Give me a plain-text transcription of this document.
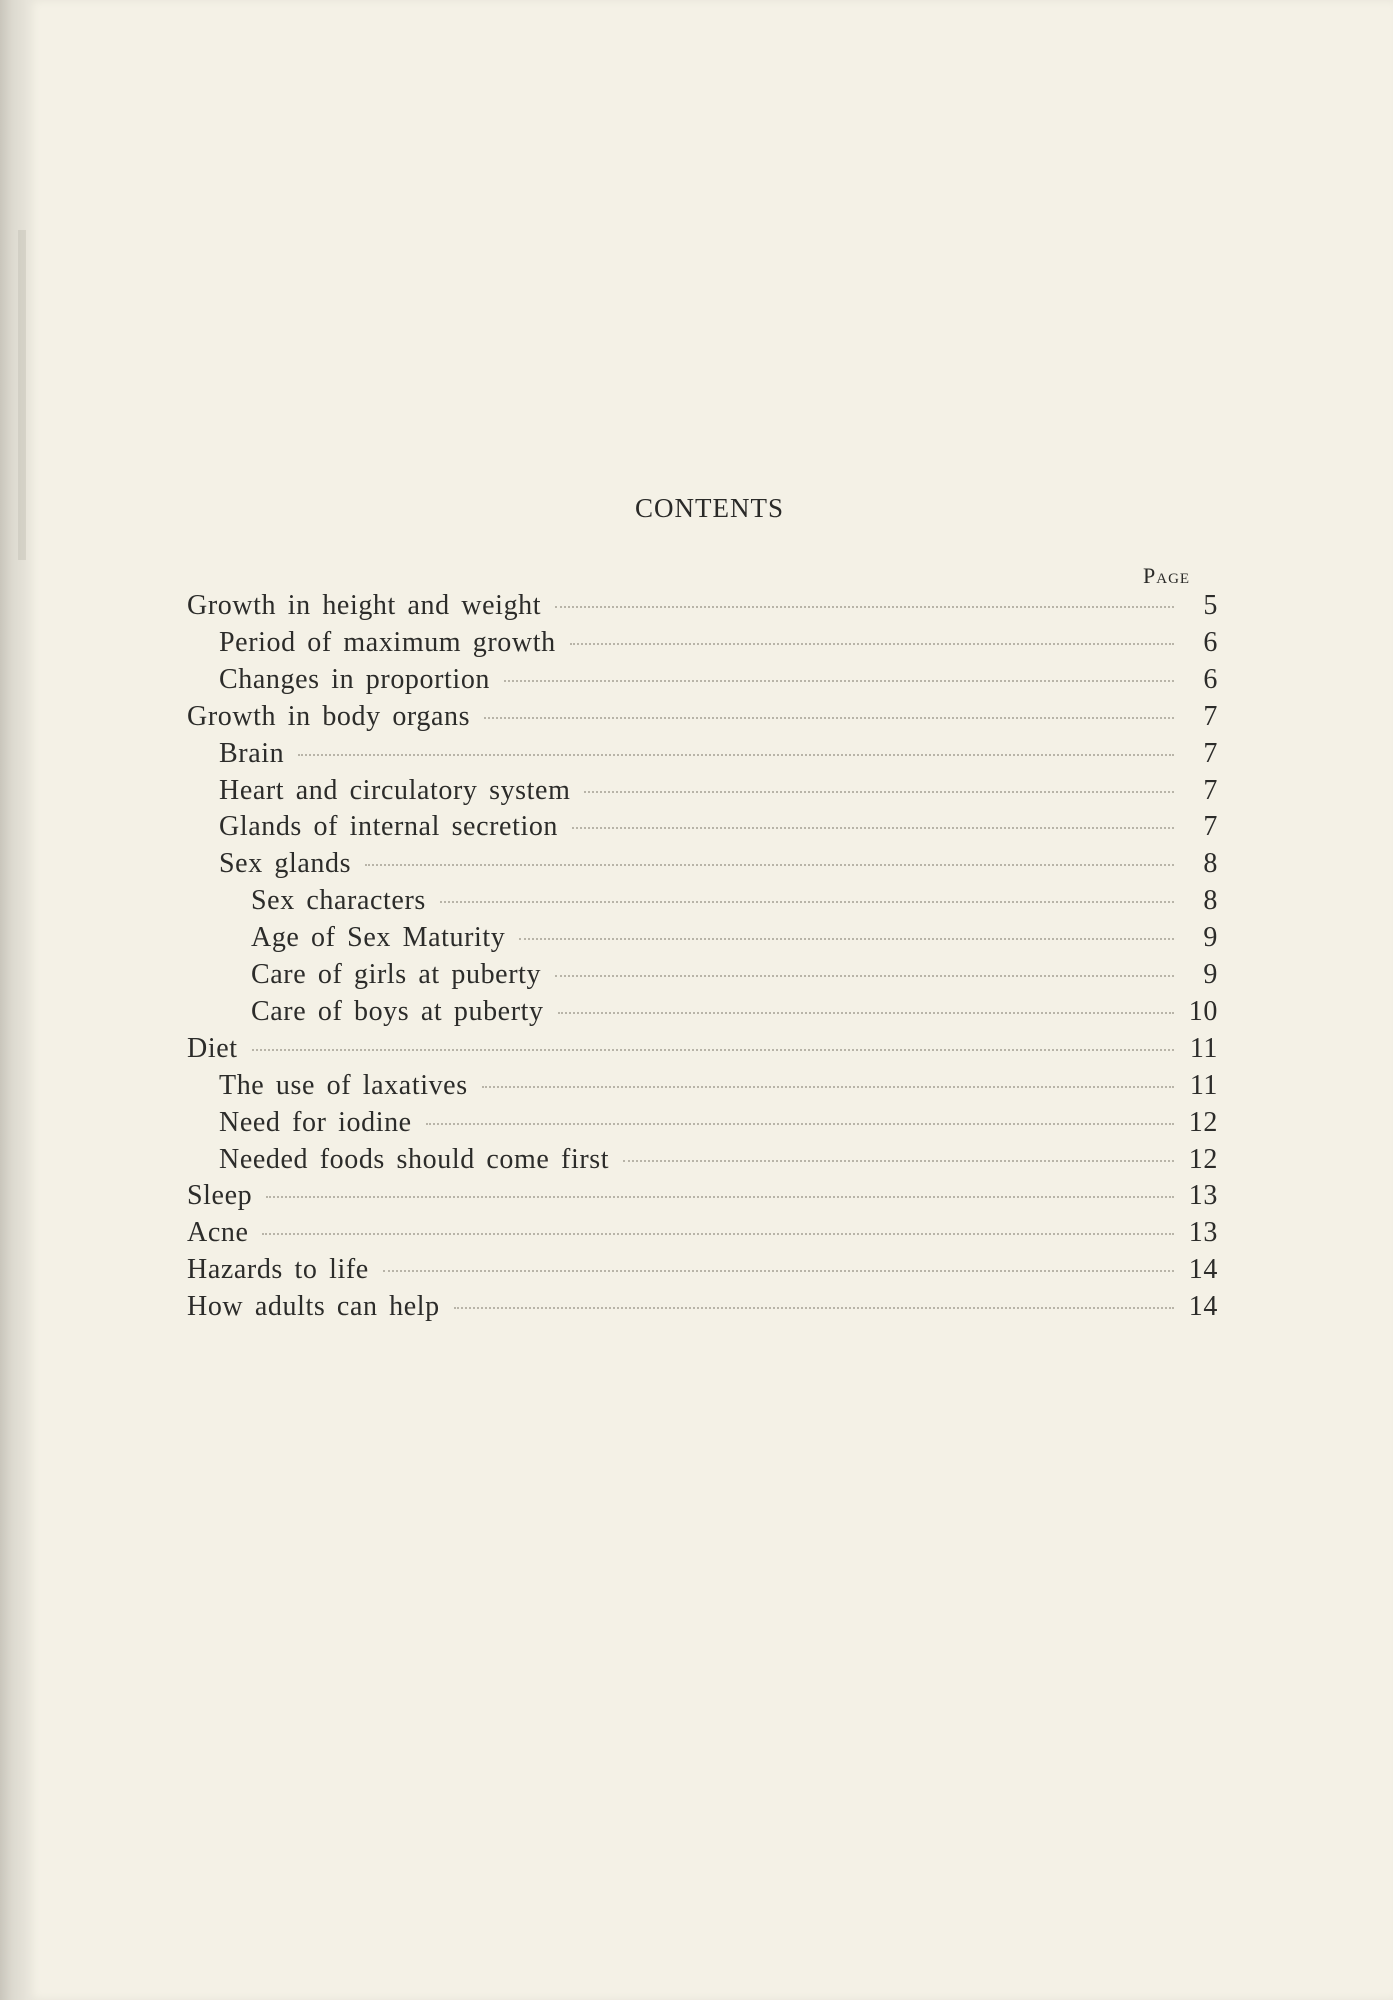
CONTENTS
Page
Growth in height and weight	5
Period of maximum growth	6
Changes in proportion	6
Growth in body organs	7
Brain	7
Heart and circulatory system	7
Glands of internal secretion	7
Sex glands	8
Sex characters	8
Age of Sex Maturity	9
Care of girls at puberty	9
Care of boys at puberty	10
Diet	11
The use of laxatives	11
Need for iodine	12
Needed foods should come first	12
Sleep	13
Acne	13
Hazards to life	14
How adults can help	14
